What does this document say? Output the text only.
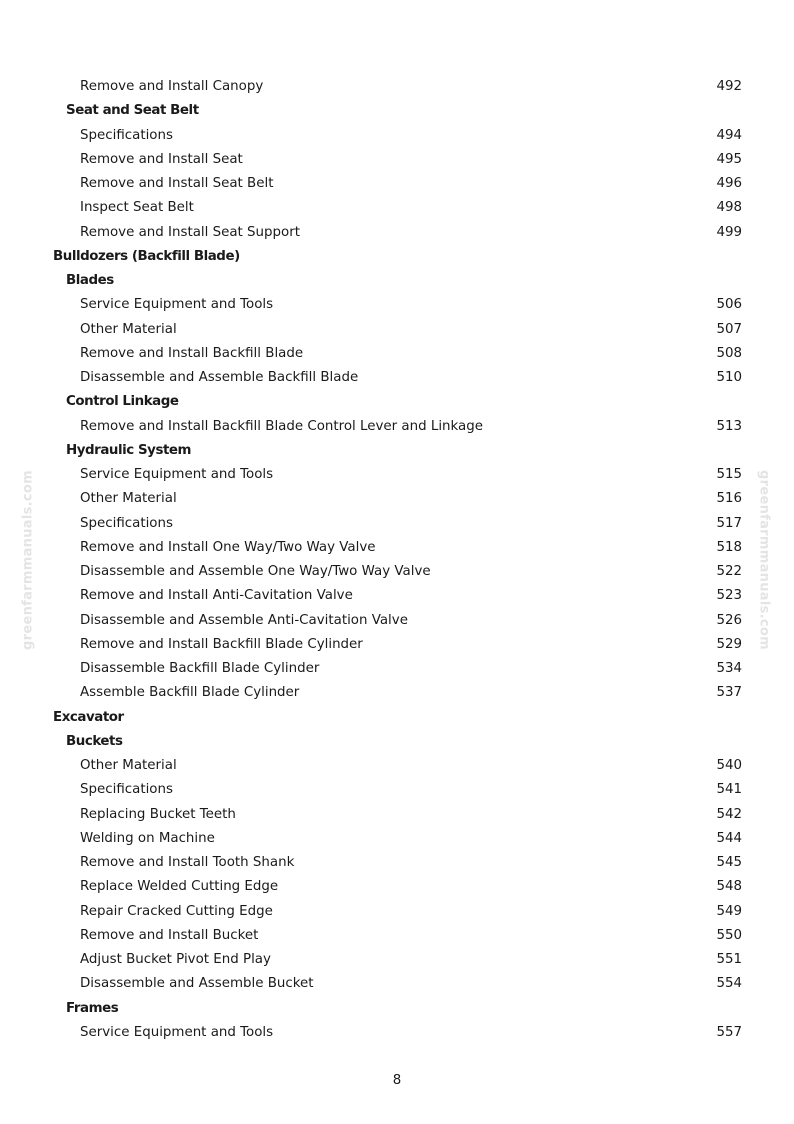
Remove and Install Canopy	492
Seat and Seat Belt
Specifications	494
Remove and Install Seat	495
Remove and Install Seat Belt	496
Inspect Seat Belt	498
Remove and Install Seat Support	499
Bulldozers (Backfill Blade)
Blades
Service Equipment and Tools	506
Other Material	507
Remove and Install Backfill Blade	508
Disassemble and Assemble Backfill Blade	510
Control Linkage
Remove and Install Backfill Blade Control Lever and Linkage	513
Hydraulic System
Service Equipment and Tools	515
Other Material	516
Specifications	517
Remove and Install One Way/Two Way Valve	518
Disassemble and Assemble One Way/Two Way Valve	522
Remove and Install Anti-Cavitation Valve	523
Disassemble and Assemble Anti-Cavitation Valve	526
Remove and Install Backfill Blade Cylinder	529
Disassemble Backfill Blade Cylinder	534
Assemble Backfill Blade Cylinder	537
Excavator
Buckets
Other Material	540
Specifications	541
Replacing Bucket Teeth	542
Welding on Machine	544
Remove and Install Tooth Shank	545
Replace Welded Cutting Edge	548
Repair Cracked Cutting Edge	549
Remove and Install Bucket	550
Adjust Bucket Pivot End Play	551
Disassemble and Assemble Bucket	554
Frames
Service Equipment and Tools	557
8
greenfarmmanuals.com	greenfarmmanuals.com
